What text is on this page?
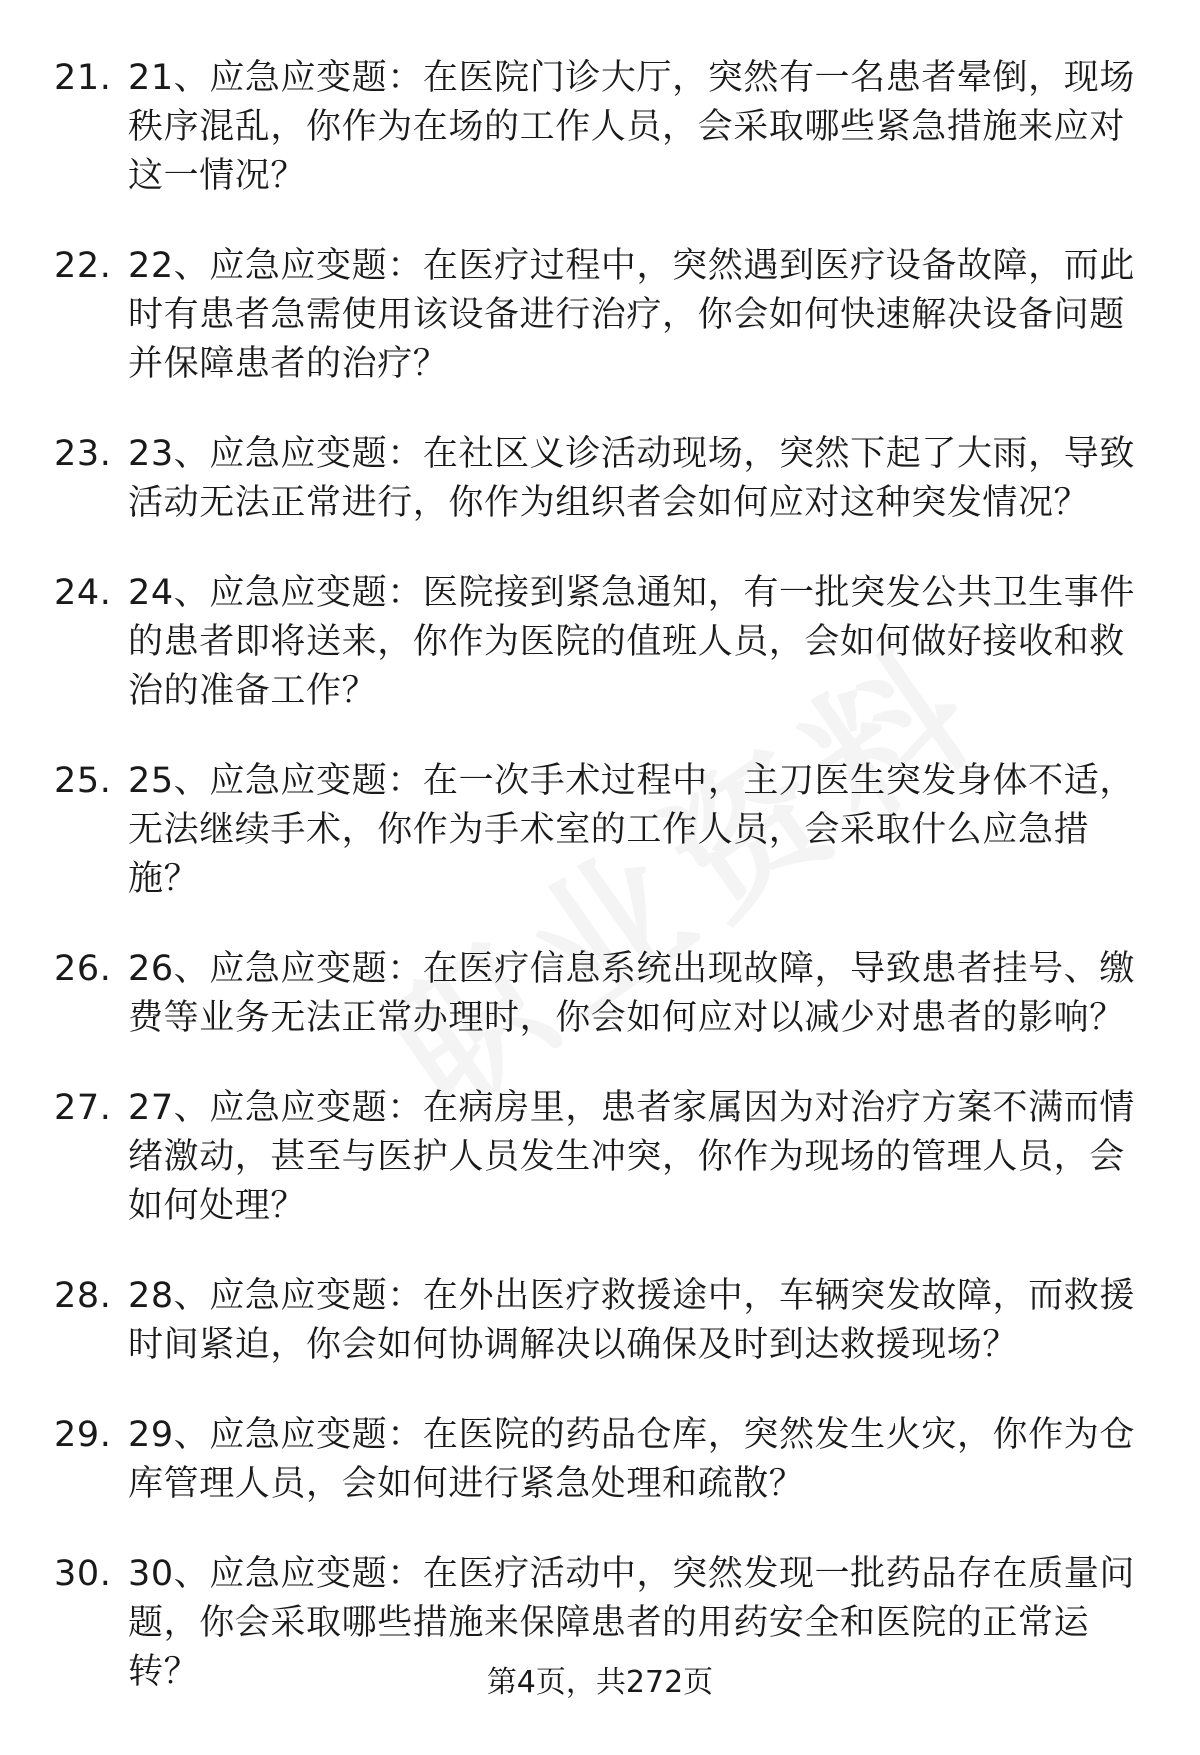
21. 21、应急应变题：在医院门诊大厅，突然有一名患者晕倒，现场秩序混乱，你作为在场的工作人员，会采取哪些紧急措施来应对这一情况？
22. 22、应急应变题：在医疗过程中，突然遇到医疗设备故障，而此时有患者急需使用该设备进行治疗，你会如何快速解决设备问题并保障患者的治疗？
23. 23、应急应变题：在社区义诊活动现场，突然下起了大雨，导致活动无法正常进行，你作为组织者会如何应对这种突发情况？
24. 24、应急应变题：医院接到紧急通知，有一批突发公共卫生事件的患者即将送来，你作为医院的值班人员，会如何做好接收和救治的准备工作？
25. 25、应急应变题：在一次手术过程中，主刀医生突发身体不适，无法继续手术，你作为手术室的工作人员，会采取什么应急措施？
26. 26、应急应变题：在医疗信息系统出现故障，导致患者挂号、缴费等业务无法正常办理时，你会如何应对以减少对患者的影响？
27. 27、应急应变题：在病房里，患者家属因为对治疗方案不满而情绪激动，甚至与医护人员发生冲突，你作为现场的管理人员，会如何处理？
28. 28、应急应变题：在外出医疗救援途中，车辆突发故障，而救援时间紧迫，你会如何协调解决以确保及时到达救援现场？
29. 29、应急应变题：在医院的药品仓库，突然发生火灾，你作为仓库管理人员，会如何进行紧急处理和疏散？
30. 30、应急应变题：在医疗活动中，突然发现一批药品存在质量问题，你会采取哪些措施来保障患者的用药安全和医院的正常运转？	第4页，共272页
